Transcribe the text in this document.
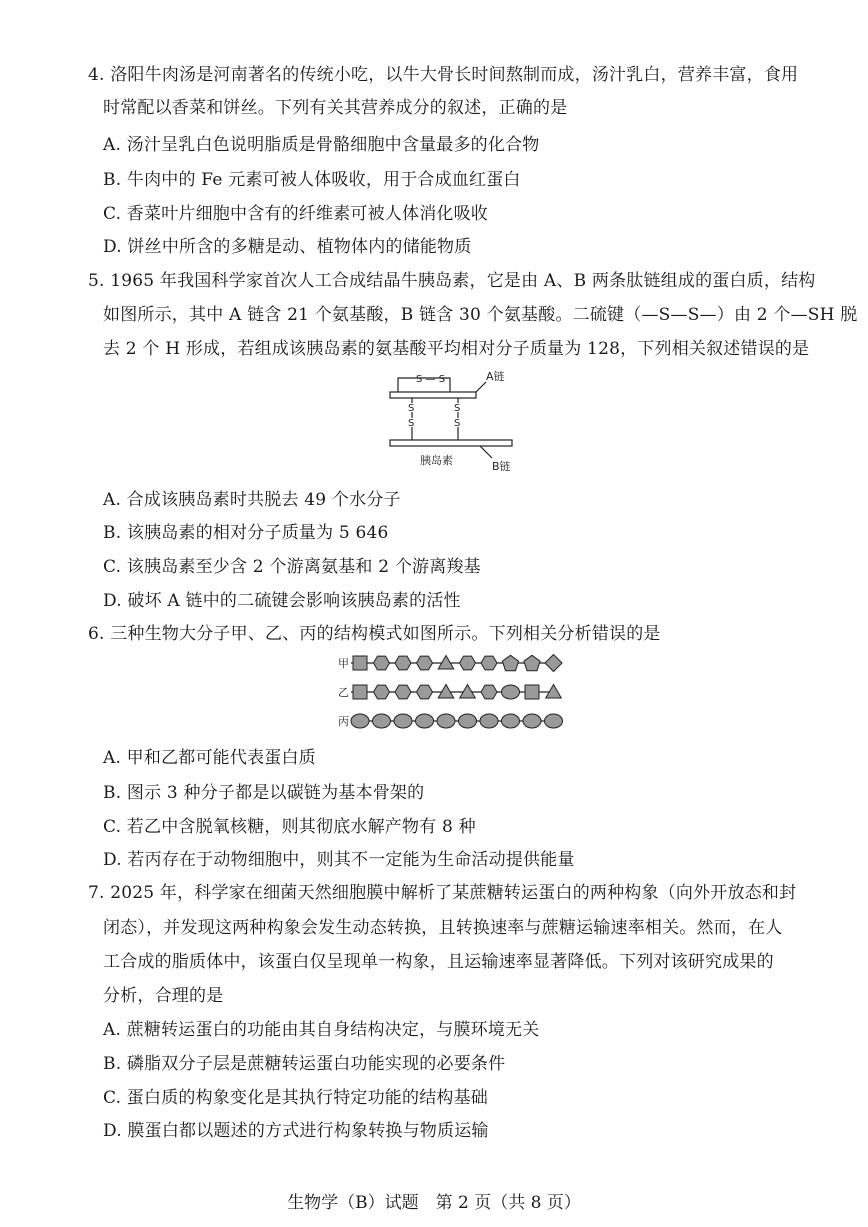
4. 洛阳牛肉汤是河南著名的传统小吃，以牛大骨长时间熬制而成，汤汁乳白，营养丰富，食用
时常配以香菜和饼丝。下列有关其营养成分的叙述，正确的是
A. 汤汁呈乳白色说明脂质是骨骼细胞中含量最多的化合物
B. 牛肉中的 Fe 元素可被人体吸收，用于合成血红蛋白
C. 香菜叶片细胞中含有的纤维素可被人体消化吸收
D. 饼丝中所含的多糖是动、植物体内的储能物质
5. 1965 年我国科学家首次人工合成结晶牛胰岛素，它是由 A、B 两条肽链组成的蛋白质，结构
如图所示，其中 A 链含 21 个氨基酸，B 链含 30 个氨基酸。二硫键（—S—S—）由 2 个—SH 脱
去 2 个 H 形成，若组成该胰岛素的氨基酸平均相对分子质量为 128，下列相关叙述错误的是
S — S
S
S
S
S
A链
B链
胰岛素
A. 合成该胰岛素时共脱去 49 个水分子
B. 该胰岛素的相对分子质量为 5 646
C. 该胰岛素至少含 2 个游离氨基和 2 个游离羧基
D. 破坏 A 链中的二硫键会影响该胰岛素的活性
6. 三种生物大分子甲、乙、丙的结构模式如图所示。下列相关分析错误的是
甲
乙
丙
A. 甲和乙都可能代表蛋白质
B. 图示 3 种分子都是以碳链为基本骨架的
C. 若乙中含脱氧核糖，则其彻底水解产物有 8 种
D. 若丙存在于动物细胞中，则其不一定能为生命活动提供能量
7. 2025 年，科学家在细菌天然细胞膜中解析了某蔗糖转运蛋白的两种构象（向外开放态和封
闭态），并发现这两种构象会发生动态转换，且转换速率与蔗糖运输速率相关。然而，在人
工合成的脂质体中，该蛋白仅呈现单一构象，且运输速率显著降低。下列对该研究成果的
分析，合理的是
A. 蔗糖转运蛋白的功能由其自身结构决定，与膜环境无关
B. 磷脂双分子层是蔗糖转运蛋白功能实现的必要条件
C. 蛋白质的构象变化是其执行特定功能的结构基础
D. 膜蛋白都以题述的方式进行构象转换与物质运输
生物学（B）试题　第 2 页（共 8 页）
